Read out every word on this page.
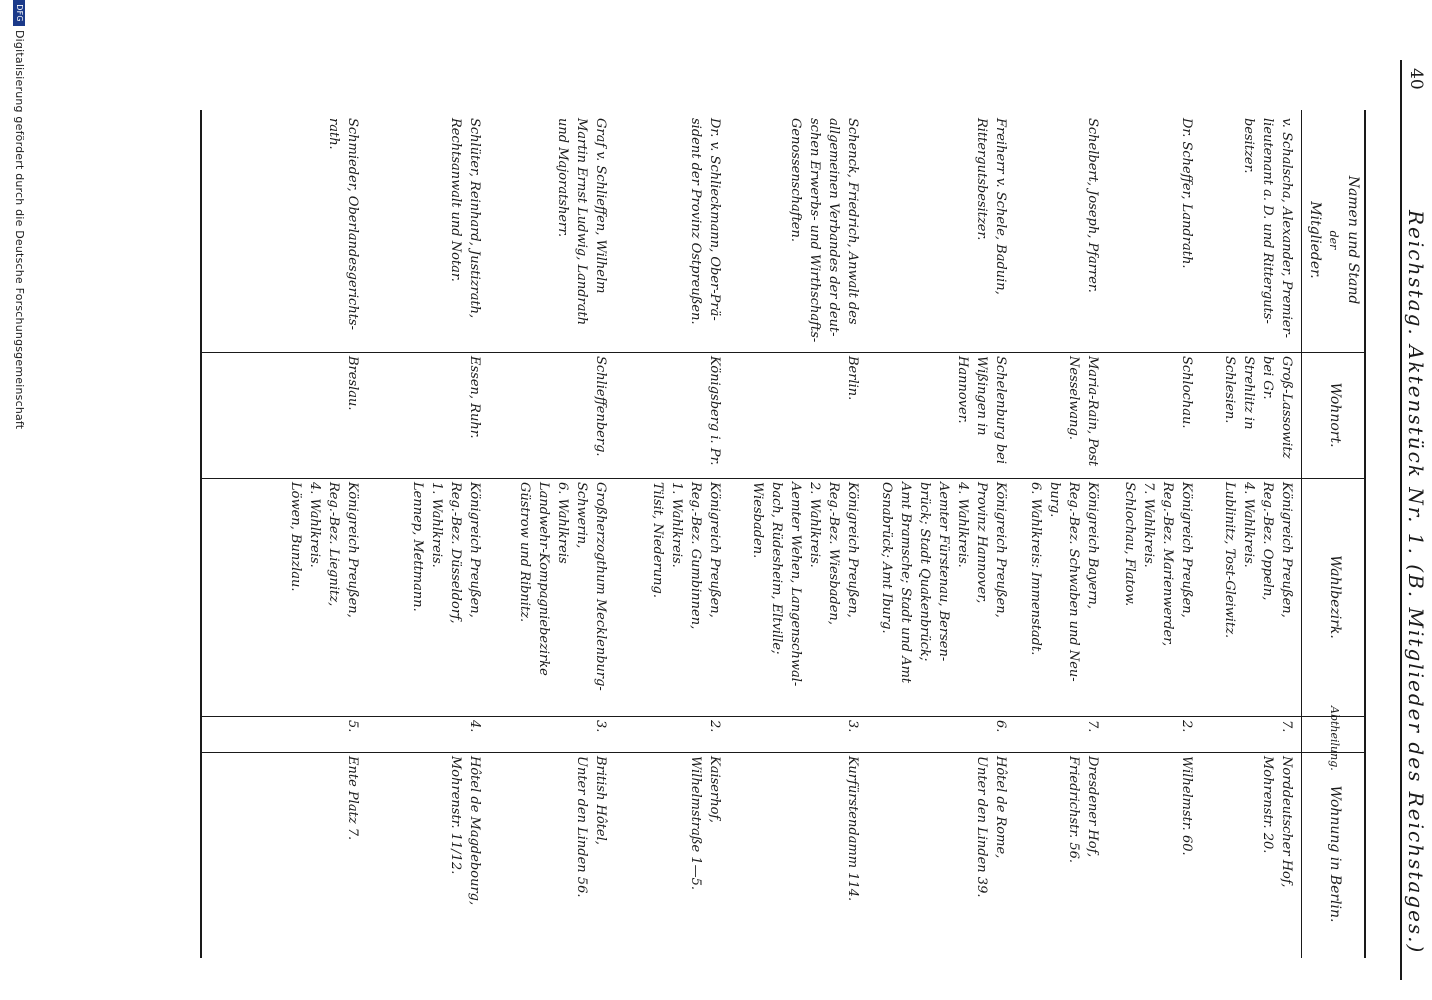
40
Reichstag. Aktenstück Nr. 1. (B. Mitglieder des Reichstages.)
Namen und Stand
der
Mitglieder.
Wohnort.
Wahlbezirk.
Abtheilung.
Wohnung in Berlin.
v. Schalscha, Alexander, Premier-
lieutenant a. D. und Ritterguts-
besitzer.
Groß-Lassowitz bei Gr.
Strehlitz in Schlesien.
Königreich Preußen,
Reg.-Bez. Oppeln,
4. Wahlkreis.
Lublinitz, Tost-Gleiwitz.
7.
Norddeutscher Hof,
Mohrenstr. 20.
Dr. Scheffer, Landrath.
Schlochau.
Königreich Preußen,
Reg.-Bez. Marienwerder,
7. Wahlkreis.
Schlochau, Flatow.
2.
Wilhelmstr. 60.
Schelbert, Joseph, Pfarrer.
Maria-Rain, Post
Nesselwang.
Königreich Bayern,
Reg.-Bez. Schwaben und Neu-
burg.
6. Wahlkreis: Immenstadt.
7.
Dresdener Hof,
Friedrichstr. 56.
Freiherr v. Schele, Baduin,
Rittergutsbesitzer.
Schelenburg bei
Wißingen in
Hannover.
Königreich Preußen,
Provinz Hannover,
4. Wahlkreis.
Aemter Fürstenau, Bersen-
brück; Stadt Quakenbrück;
Amt Bramsche; Stadt und Amt
Osnabrück; Amt Iburg.
6.
Hôtel de Rome,
Unter den Linden 39.
Schenck, Friedrich, Anwalt des
allgemeinen Verbandes der deut-
schen Erwerbs- und Wirthschafts-
Genossenschaften.
Berlin.
Königreich Preußen,
Reg.-Bez. Wiesbaden,
2. Wahlkreis.
Aemter Wehen, Langenschwal-
bach, Rüdesheim, Eltville;
Wiesbaden.
3.
Kurfürstendamm 114.
Dr. v. Schlieckmann, Ober-Prä-
sident der Provinz Ostpreußen.
Königsberg i. Pr.
Königreich Preußen,
Reg.-Bez. Gumbinnen,
1. Wahlkreis.
Tilsit, Niederung.
2.
Kaiserhof,
Wilhelmstraße 1—5.
Graf v. Schlieffen, Wilhelm
Martin Ernst Ludwig, Landrath
und Majoratsherr.
Schlieffenberg.
Großherzogthum Mecklenburg-
Schwerin,
6. Wahlkreis
Landwehr-Kompagniebezirke
Güstrow und Ribnitz.
3.
British Hôtel,
Unter den Linden 56.
Schlüter, Reinhard, Justizrath,
Rechtsanwalt und Notar.
Essen, Ruhr.
Königreich Preußen,
Reg.-Bez. Düsseldorf,
1. Wahlkreis.
Lennep, Mettmann.
4.
Hôtel de Magdebourg,
Mohrenstr. 11/12.
Schmieder, Oberlandesgerichts-
rath.
Breslau.
Königreich Preußen,
Reg.-Bez. Liegnitz,
4. Wahlkreis.
Löwen, Bunzlau.
5.
Ente Platz 7.
DFGDigitalisierung gefördert durch die Deutsche Forschungsgemeinschaft
